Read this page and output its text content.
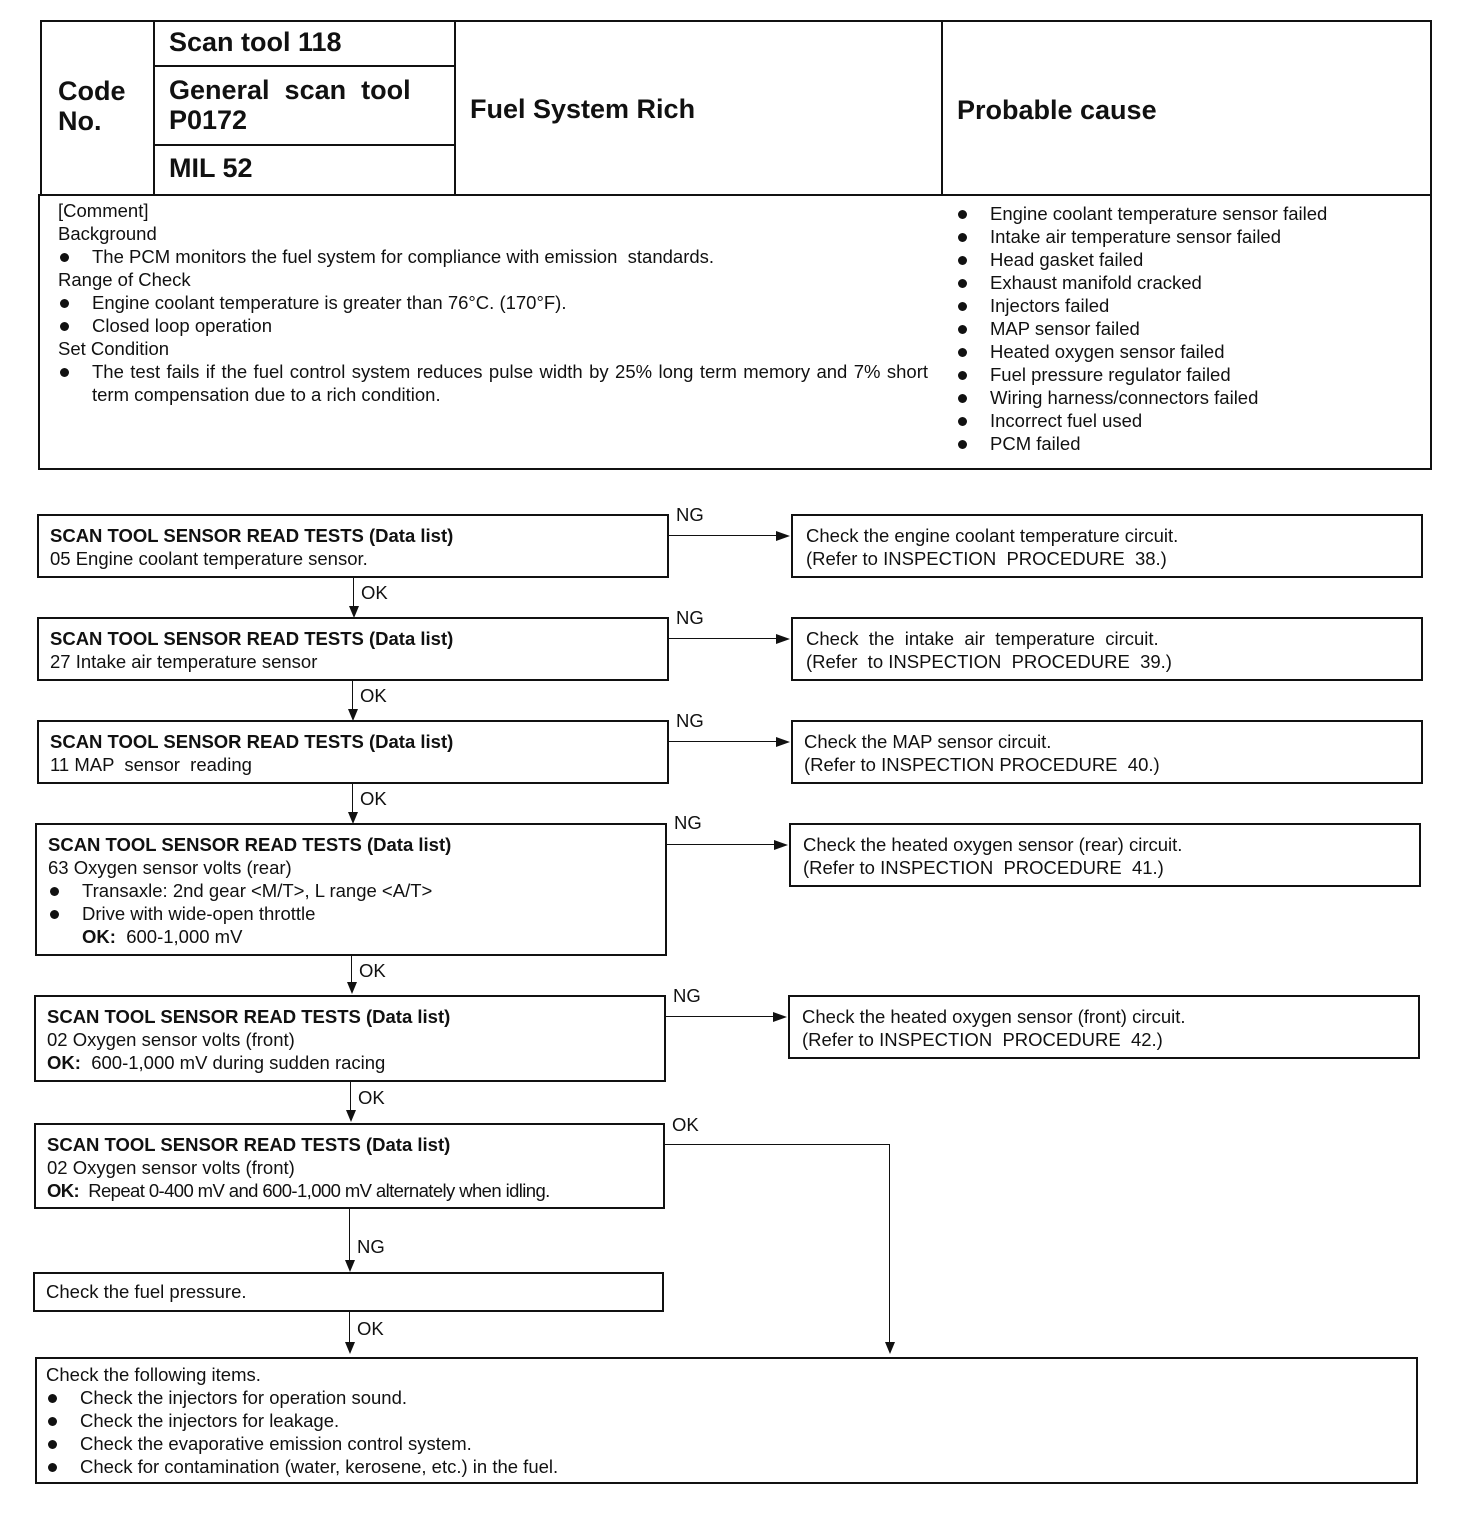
Code
No.
Scan tool 118
General  scan  tool
P0172
MIL 52
Fuel System Rich	Probable cause
[Comment]
Background
The PCM monitors the fuel system for compliance with emission  standards.
Range of Check
Engine coolant temperature is greater than 76°C. (170°F).
Closed loop operation
Set Condition
The test fails if the fuel control system reduces pulse width by 25% long term memory and 7% short term compensation due to a rich condition.
Engine coolant temperature sensor failed
Intake air temperature sensor failed
Head gasket failed
Exhaust manifold cracked
Injectors failed
MAP sensor failed
Heated oxygen sensor failed
Fuel pressure regulator failed
Wiring harness/connectors failed
Incorrect fuel used
PCM failed
SCAN TOOL SENSOR READ TESTS (Data list)
05 Engine coolant temperature sensor.
NG
Check the engine coolant temperature circuit.
(Refer to INSPECTION  PROCEDURE  38.)
OK
SCAN TOOL SENSOR READ TESTS (Data list)
27 Intake air temperature sensor
NG
Check  the  intake  air  temperature  circuit.
(Refer  to INSPECTION  PROCEDURE  39.)
OK
SCAN TOOL SENSOR READ TESTS (Data list)
11 MAP  sensor  reading
NG
Check the MAP sensor circuit.
(Refer to INSPECTION PROCEDURE  40.)
OK
SCAN TOOL SENSOR READ TESTS (Data list)
63 Oxygen sensor volts (rear)
Transaxle: 2nd gear <M/T>, L range <A/T>
Drive with wide-open throttle
OK: 600-1,000 mV
NG
Check the heated oxygen sensor (rear) circuit.
(Refer to INSPECTION  PROCEDURE  41.)
OK
SCAN TOOL SENSOR READ TESTS (Data list)
02 Oxygen sensor volts (front)
OK: 600-1,000 mV during sudden racing
NG
Check the heated oxygen sensor (front) circuit.
(Refer to INSPECTION  PROCEDURE  42.)
OK
SCAN TOOL SENSOR READ TESTS (Data list)
02 Oxygen sensor volts (front)
OK: Repeat 0-400 mV and 600-1,000 mV alternately when idling.
OK
NG
Check the fuel pressure.
OK
Check the following items.
Check the injectors for operation sound.
Check the injectors for leakage.
Check the evaporative emission control system.
Check for contamination (water, kerosene, etc.) in the fuel.
